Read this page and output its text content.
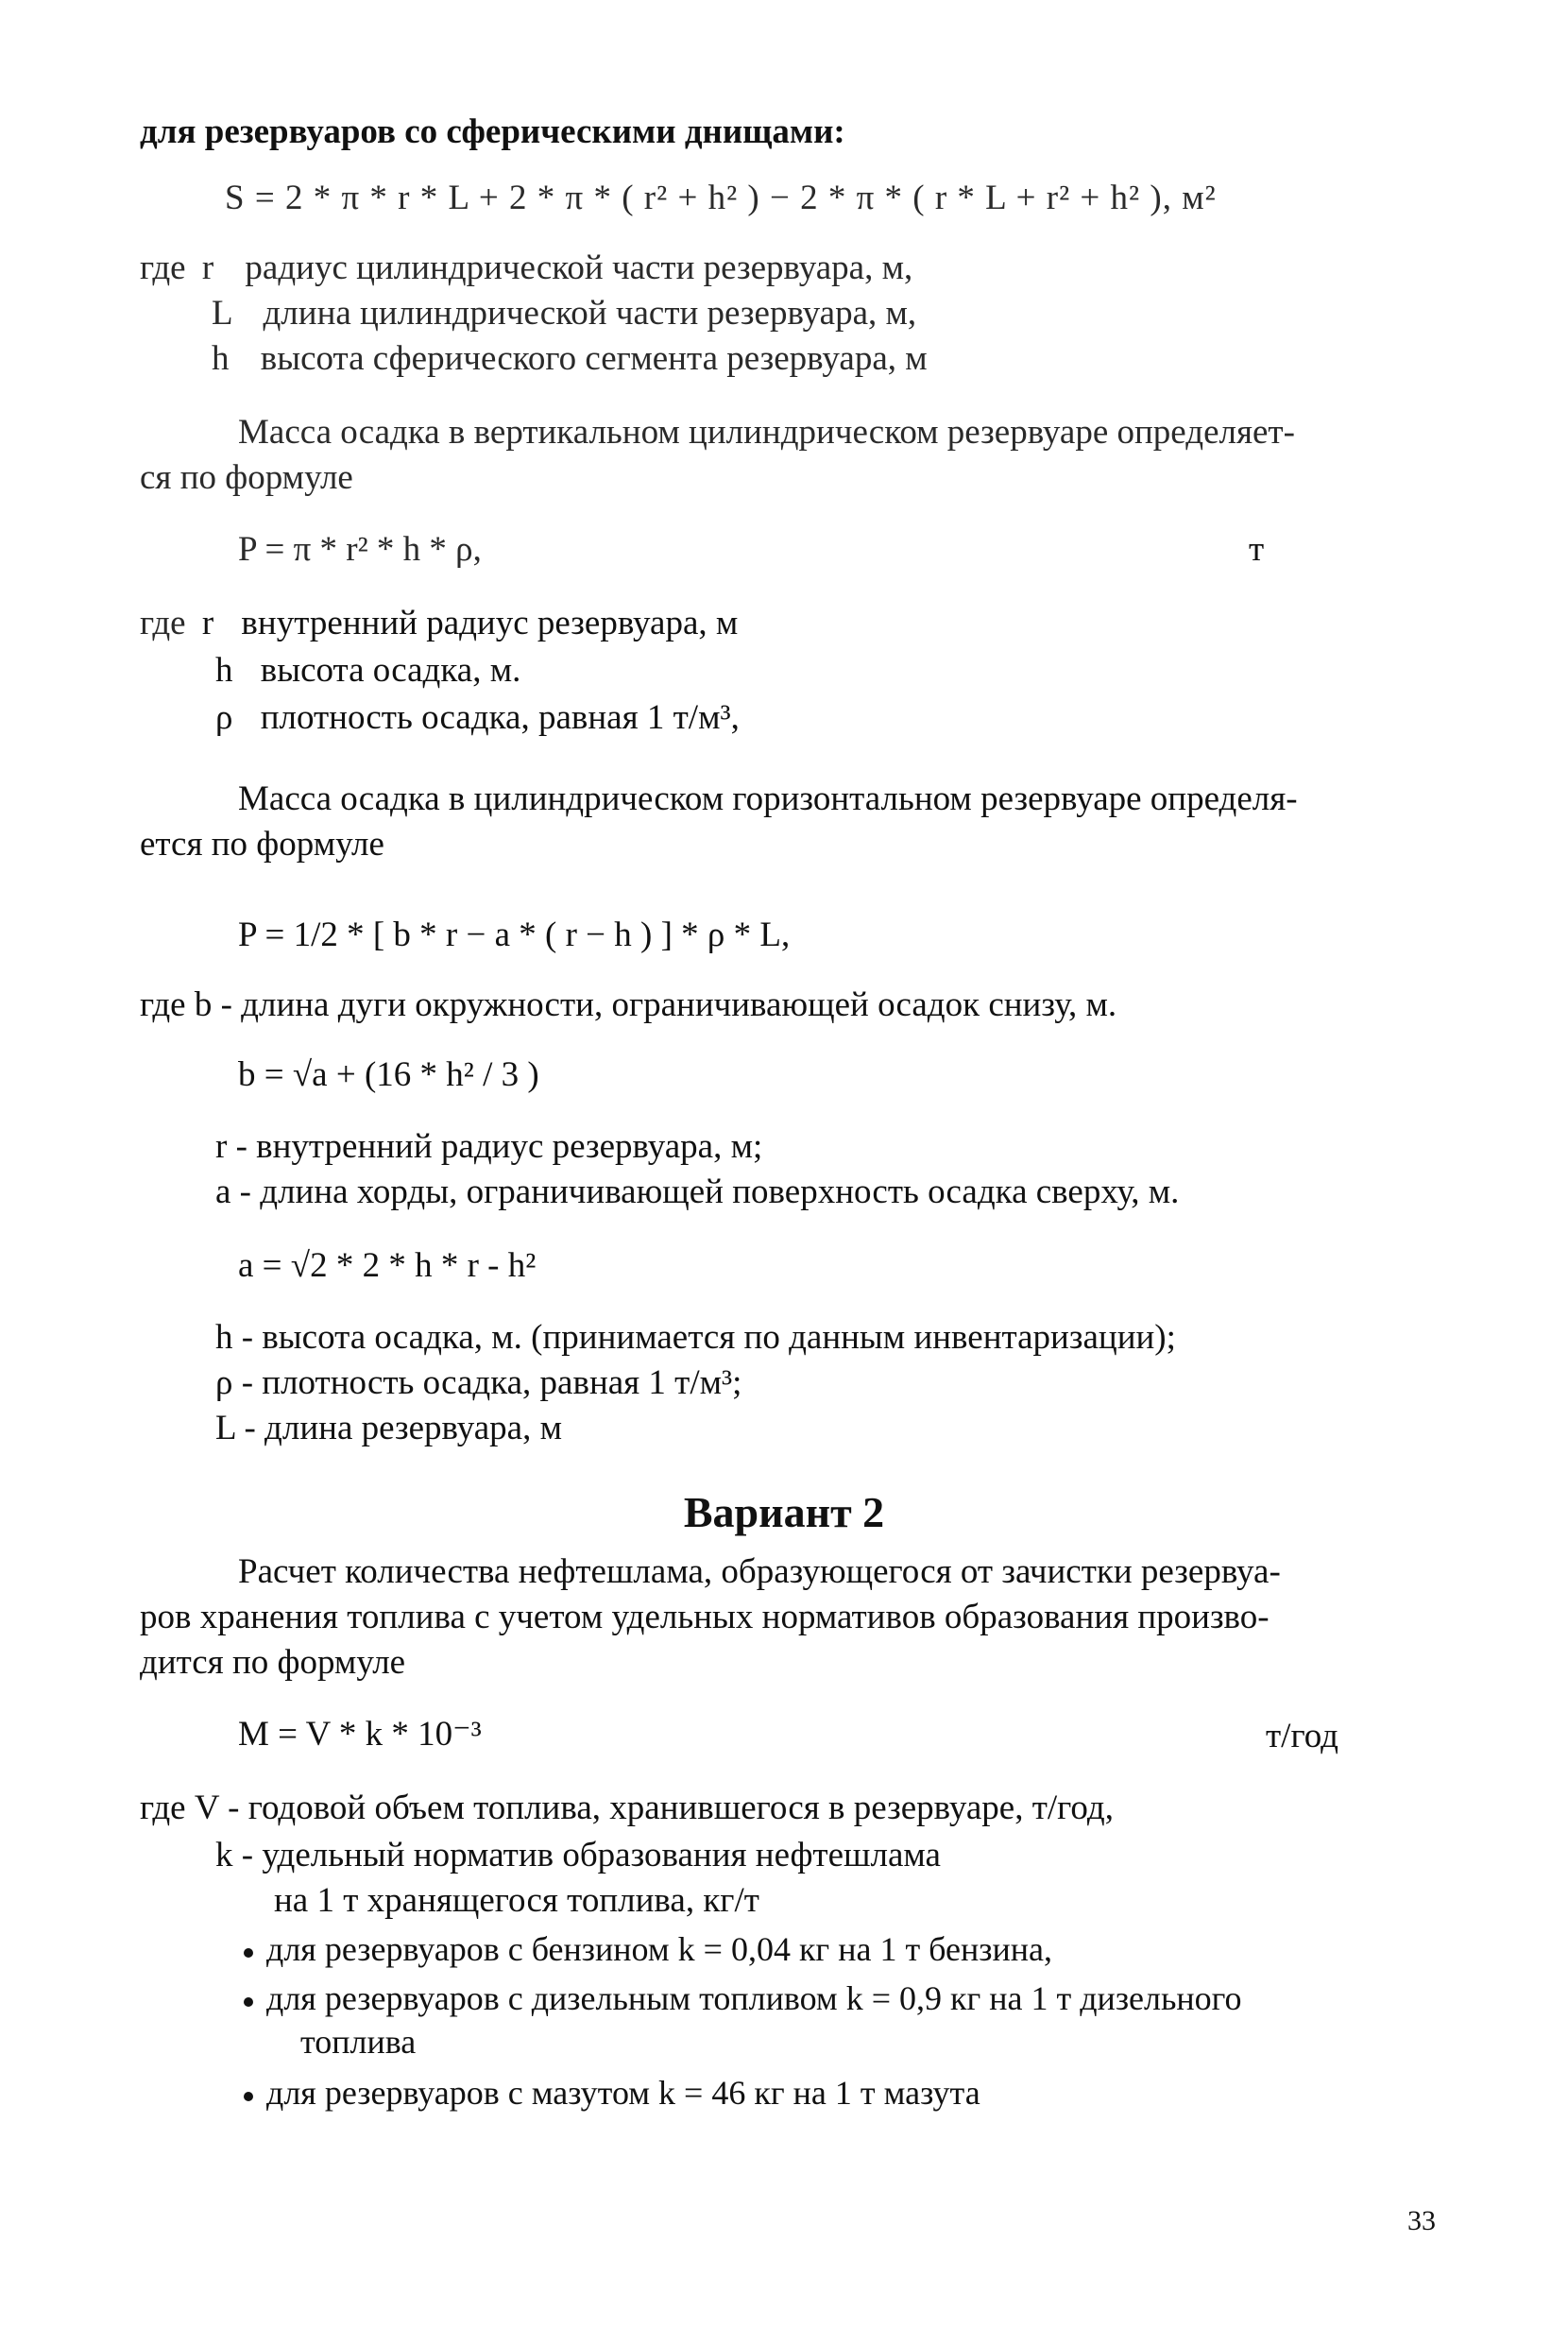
для резервуаров со сферическими днищами:
S = 2 * π * r * L + 2 * π * ( r² + h² ) − 2 * π * ( r * L + r² + h² ), м²
где r радиус цилиндрической части резервуара, м,
L длина цилиндрической части резервуара, м,
h высота сферического сегмента резервуара, м
Масса осадка в вертикальном цилиндрическом резервуаре определяет-
ся по формуле
P = π * r² * h * ρ,	т
где r внутренний радиус резервуара, м
h высота осадка, м.
ρ плотность осадка, равная 1 т/м³,
Масса осадка в цилиндрическом горизонтальном резервуаре определя-
ется по формуле
P = 1/2 * [ b * r − a * ( r − h ) ] * ρ * L,
где b - длина дуги окружности, ограничивающей осадок снизу, м.
b = √a + (16 * h² / 3 )
r - внутренний радиус резервуара, м;
a - длина хорды, ограничивающей поверхность осадка сверху, м.
a = √2 * 2 * h * r - h²
h - высота осадка, м. (принимается по данным инвентаризации);
ρ - плотность осадка, равная 1 т/м³;
L - длина резервуара, м
Вариант 2
Расчет количества нефтешлама, образующегося от зачистки резервуа-
ров хранения топлива с учетом удельных нормативов образования произво-
дится по формуле
M = V * k * 10⁻³	т/год
где V - годовой объем топлива, хранившегося в резервуаре, т/год,
k - удельный норматив образования нефтешлама
на 1 т хранящегося топлива, кг/т
для резервуаров с бензином k = 0,04 кг на 1 т бензина,
для резервуаров с дизельным топливом k = 0,9 кг на 1 т дизельного
топлива
для резервуаров с мазутом k = 46 кг на 1 т мазута
33
